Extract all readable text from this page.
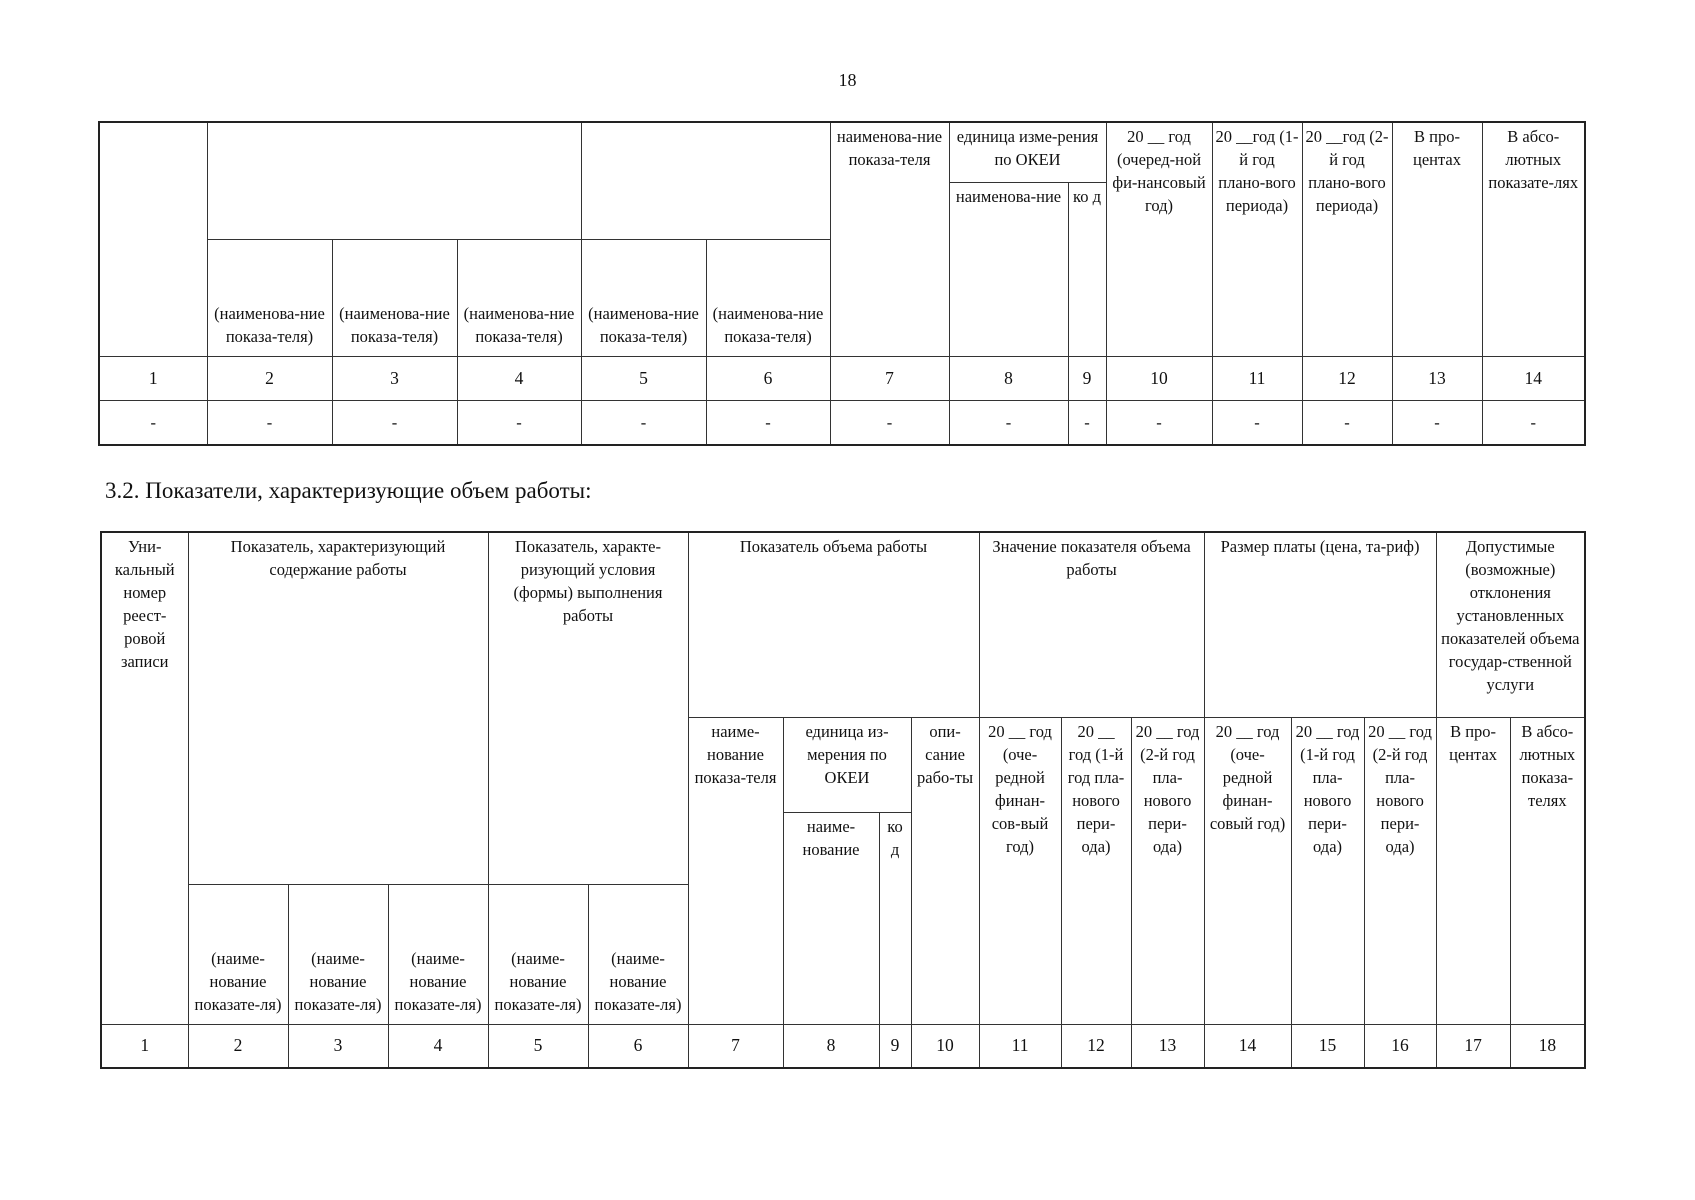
18
						наименова-ние показа-теля	единица изме-рения по ОКЕИ		20 __ год (очеред-ной фи-нансовый год)	20 __год (1-й год плано-вого периода)	20 __год (2-й год плано-вого периода)	В про-центах	В абсо-лютных показате-лях
							наименова-ние	ко д					
	(наименова-ние показа-теля)	(наименова-ние показа-теля)	(наименова-ние показа-теля)	(наименова-ние показа-теля)	(наименова-ние показа-теля)								
1	2	3	4	5	6	7	8	9	10	11	12	13	14
-	-	-	-	-	-	-	-	-	-	-	-	-	-
3.2. Показатели, характеризующие объем работы:
Уни-кальный номер реест-ровой записи	Показатель, характеризующий содержание работы			Показатель, характе-ризующий условия (формы) выполнения работы		Показатель объема работы				Значение показателя объема работы			Размер платы (цена, та-риф)			Допустимые (возможные) отклонения установленных показателей объема государ-ственной услуги	
						наиме-нование показа-теля	единица из-мерения по ОКЕИ		опи-сание рабо-ты	20 __ год (оче-редной финан-сов-вый год)	20 __ год (1-й год пла-нового пери-ода)	20 __ год (2-й год пла-нового пери-ода)	20 __ год (оче-редной финан-совый год)	20 __ год (1-й год пла-нового пери-ода)	20 __ год (2-й год пла-нового пери-ода)	В про-центах	В абсо-лютных показа-телях
							наиме-нование	ко д									
	(наиме-нование показате-ля)	(наиме-нование показате-ля)	(наиме-нование показате-ля)	(наиме-нование показате-ля)	(наиме-нование показате-ля)												
1	2	3	4	5	6	7	8	9	10	11	12	13	14	15	16	17	18
